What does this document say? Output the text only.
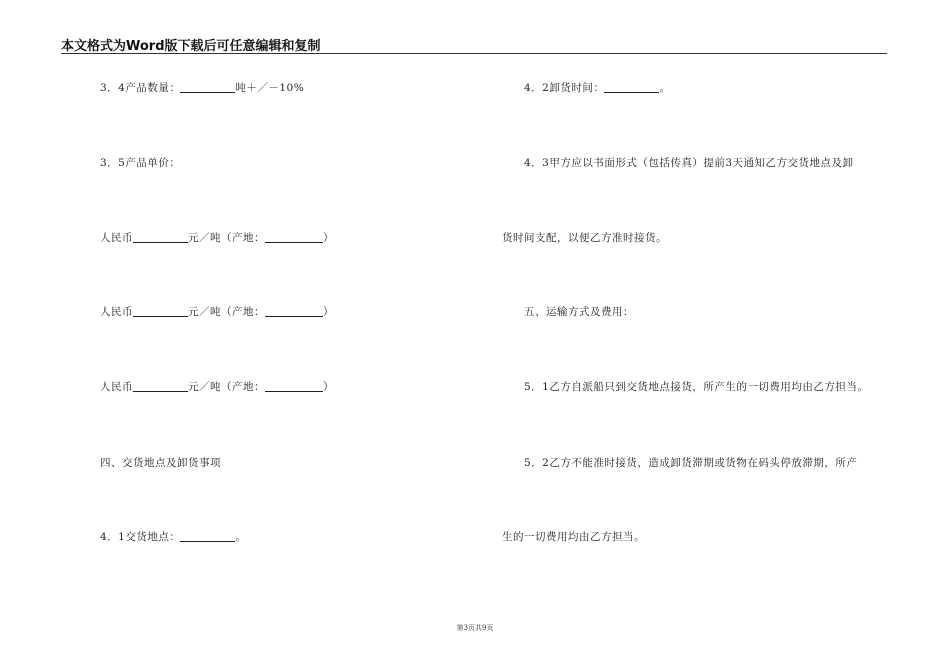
本文格式为Word版下载后可任意编辑和复制
3．4产品数量：	吨＋／－10%
3．5产品单价：
人民币	元／吨（产地：	）
人民币	元／吨（产地：	）
人民币	元／吨（产地：	）
四、交货地点及卸货事项
4．1交货地点：	。
4．2卸货时间：	。
4．3甲方应以书面形式（包括传真）提前3天通知乙方交货地点及卸
货时间支配，以便乙方准时接货。
五、运输方式及费用：
5．1乙方自派船只到交货地点接货，所产生的一切费用均由乙方担当。
5．2乙方不能准时接货，造成卸货滞期或货物在码头停放滞期，所产
生的一切费用均由乙方担当。
第3页共9页
